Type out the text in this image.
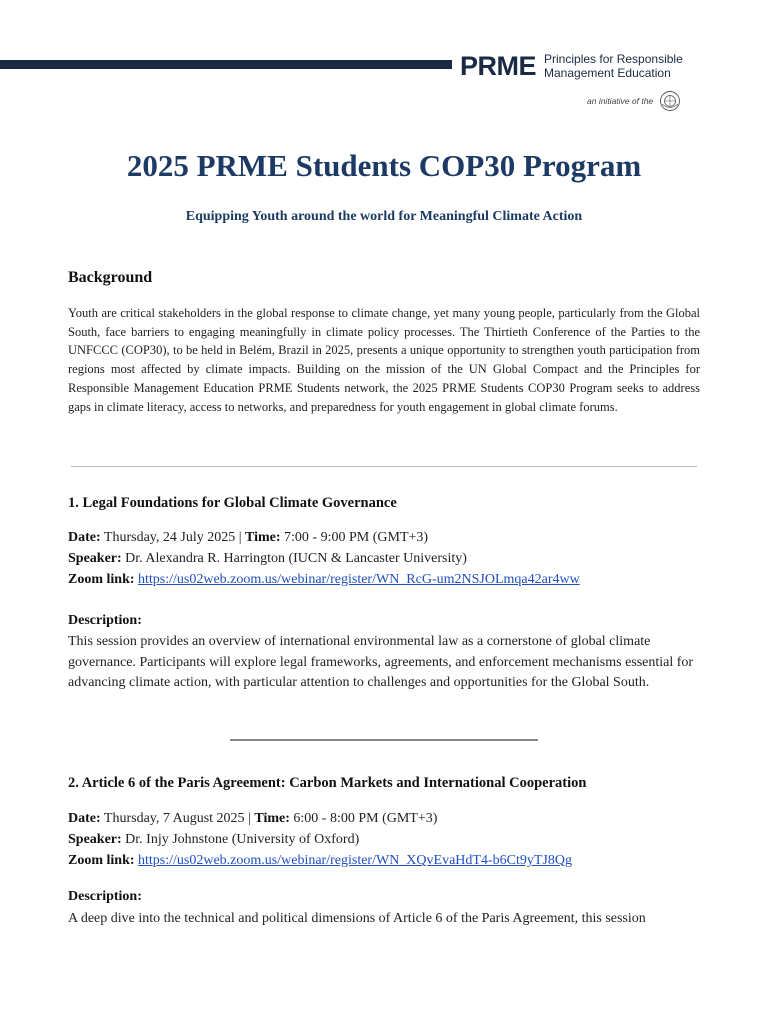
PRME Principles for Responsible
Management Education
an initiative of the
2025 PRME Students COP30 Program
Equipping Youth around the world for Meaningful Climate Action
Background
Youth are critical stakeholders in the global response to climate change, yet many young people, particularly from the Global South, face barriers to engaging meaningfully in climate policy processes. The Thirtieth Conference of the Parties to the UNFCCC (COP30), to be held in Belém, Brazil in 2025, presents a unique opportunity to strengthen youth participation from regions most affected by climate impacts. Building on the mission of the UN Global Compact and the Principles for Responsible Management Education PRME Students network, the 2025 PRME Students COP30 Program seeks to address gaps in climate literacy, access to networks, and preparedness for youth engagement in global climate forums.
1. Legal Foundations for Global Climate Governance
Date: Thursday, 24 July 2025 | Time: 7:00 - 9:00 PM (GMT+3)
Speaker: Dr. Alexandra R. Harrington (IUCN & Lancaster University)
Zoom link: https://us02web.zoom.us/webinar/register/WN_RcG-um2NSJOLmqa42ar4ww
Description:
This session provides an overview of international environmental law as a cornerstone of global climate governance. Participants will explore legal frameworks, agreements, and enforcement mechanisms essential for advancing climate action, with particular attention to challenges and opportunities for the Global South.
2. Article 6 of the Paris Agreement: Carbon Markets and International Cooperation
Date: Thursday, 7 August 2025 | Time: 6:00 - 8:00 PM (GMT+3)
Speaker: Dr. Injy Johnstone (University of Oxford)
Zoom link: https://us02web.zoom.us/webinar/register/WN_XQvEvaHdT4-b6Ct9yTJ8Qg
Description:
A deep dive into the technical and political dimensions of Article 6 of the Paris Agreement, this session
